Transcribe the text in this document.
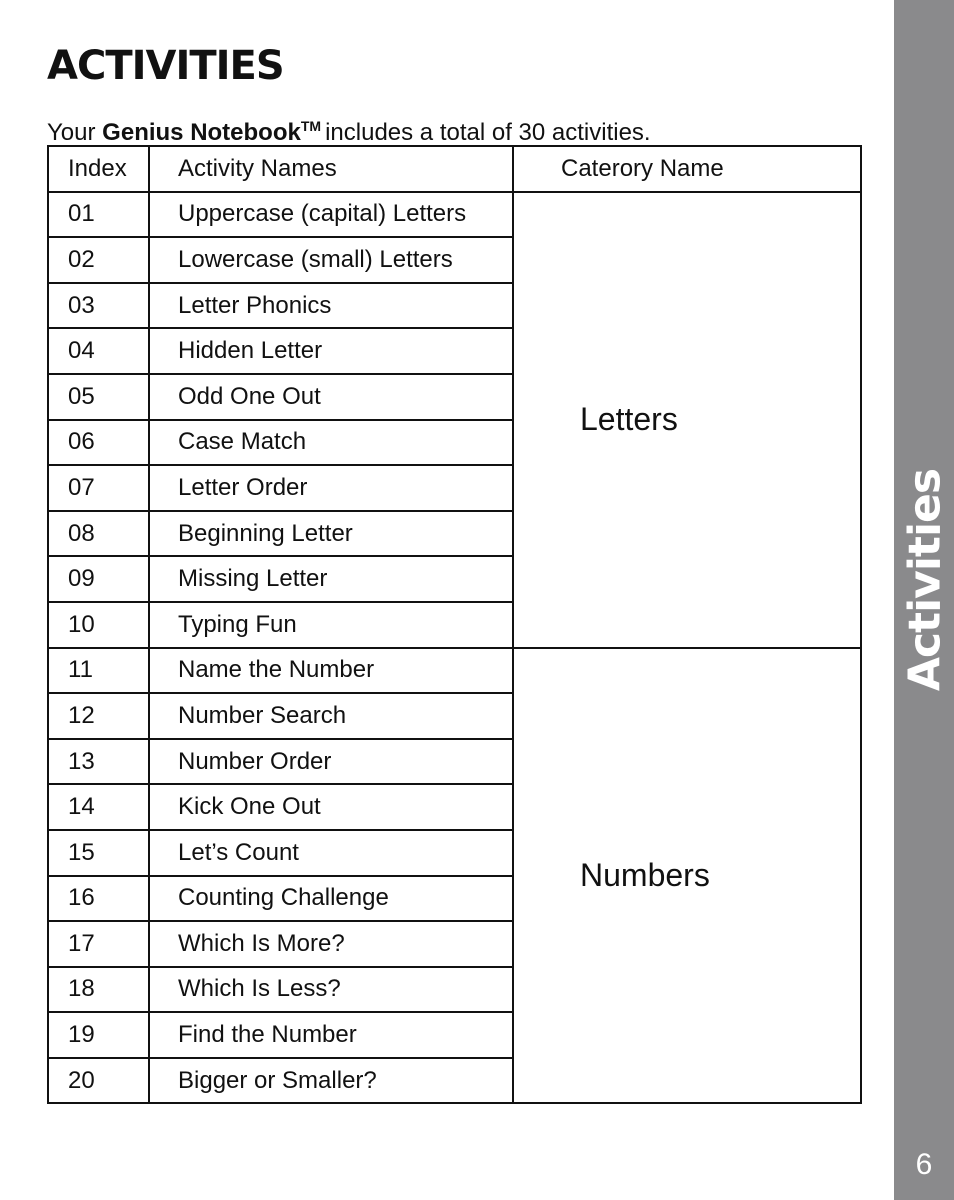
ACTIVITIES

Your Genius Notebook™ includes a total of 30 activities.

Index	Activity Names	Caterory Name
01	Uppercase (capital) Letters	Letters
02	Lowercase (small) Letters	
03	Letter Phonics	
04	Hidden Letter	
05	Odd One Out	
06	Case Match	
07	Letter Order	
08	Beginning Letter	
09	Missing Letter	
10	Typing Fun	
11	Name the Number	Numbers
12	Number Search	
13	Number Order	
14	Kick One Out	
15	Let’s Count	
16	Counting Challenge	
17	Which Is More?	
18	Which Is Less?	
19	Find the Number	
20	Bigger or Smaller?	
Activities
6
